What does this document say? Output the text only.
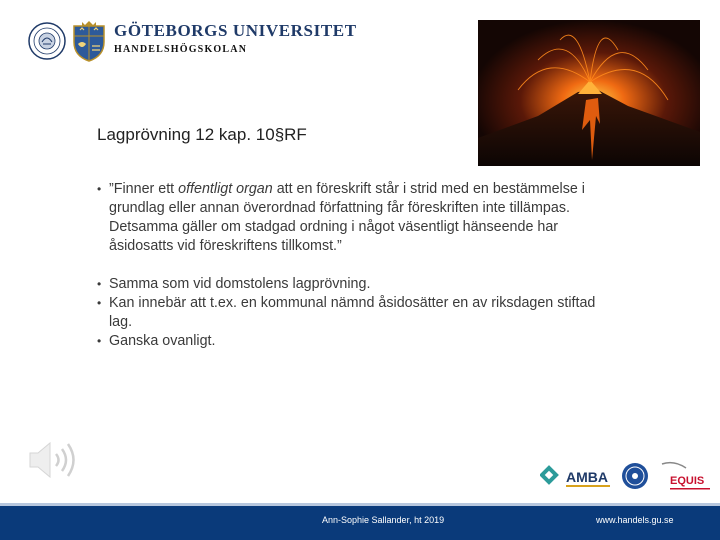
GÖTEBORGS UNIVERSITET
HANDELSHÖGSKOLAN
Lagprövning 12 kap. 10§RF
• ”Finner ett offentligt organ att en föreskrift står i strid med en bestämmelse i grundlag eller annan överordnad författning får föreskriften inte tillämpas. Detsamma gäller om stadgad ordning i något väsentligt hänseende har åsidosatts vid föreskriftens tillkomst.”
• Samma som vid domstolens lagprövning.
• Kan innebär att t.ex. en kommunal nämnd åsidosätter en av riksdagen stiftad lag.
• Ganska ovanligt.
AMBA	EQUIS
Ann-Sophie Sallander, ht 2019	www.handels.gu.se
